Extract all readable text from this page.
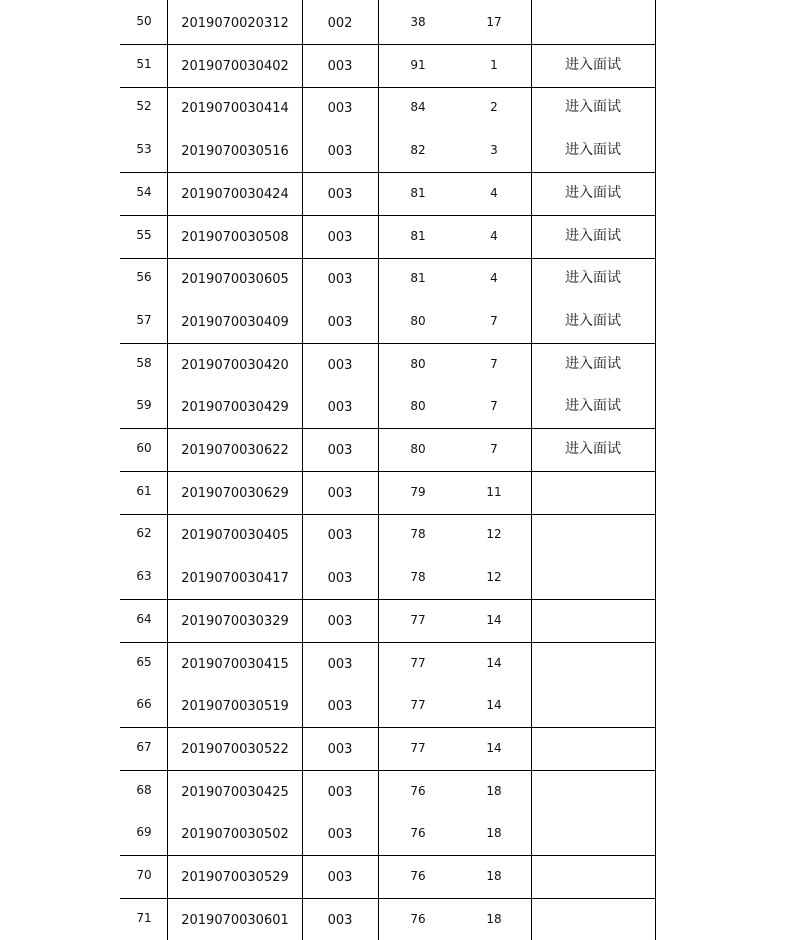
50	2019070020312	002	38	17
51	2019070030402	003	91	1	进入面试
52	2019070030414	003	84	2	进入面试
53	2019070030516	003	82	3	进入面试
54	2019070030424	003	81	4	进入面试
55	2019070030508	003	81	4	进入面试
56	2019070030605	003	81	4	进入面试
57	2019070030409	003	80	7	进入面试
58	2019070030420	003	80	7	进入面试
59	2019070030429	003	80	7	进入面试
60	2019070030622	003	80	7	进入面试
61	2019070030629	003	79	11
62	2019070030405	003	78	12
63	2019070030417	003	78	12
64	2019070030329	003	77	14
65	2019070030415	003	77	14
66	2019070030519	003	77	14
67	2019070030522	003	77	14
68	2019070030425	003	76	18
69	2019070030502	003	76	18
70	2019070030529	003	76	18
71	2019070030601	003	76	18
